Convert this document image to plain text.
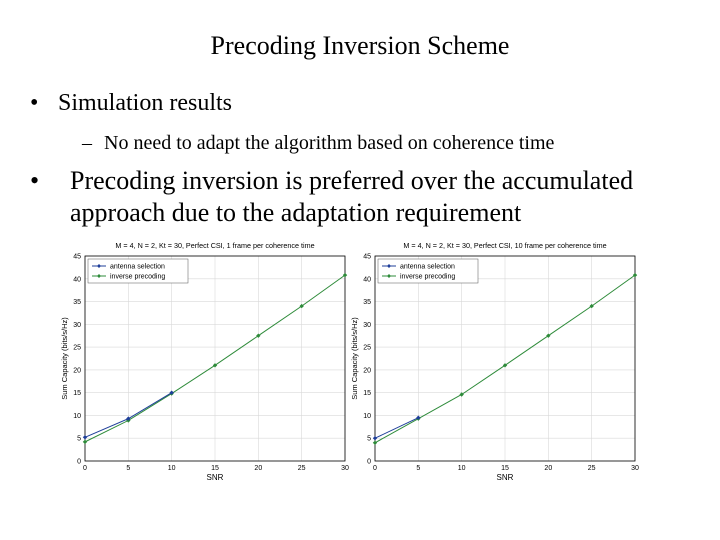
Precoding Inversion Scheme
• Simulation results
– No need to adapt the algorithm based on coherence time
• Precoding inversion is preferred over the accumulated approach due to the adaptation requirement
M = 4, N = 2, Kt = 30, Perfect CSI, 1 frame per coherence time
0	5	10	15	20	25	30
0
5
10
15
20
25
30
35
40
45
SNR
Sum Capacity (bits/s/Hz)
antenna selection
inverse precoding
M = 4, N = 2, Kt = 30, Perfect CSI, 10 frame per coherence time
0	5	10	15	20	25	30
0
5
10
15
20
25
30
35
40
45
SNR
Sum Capacity (bits/s/Hz)
antenna selection
inverse precoding
